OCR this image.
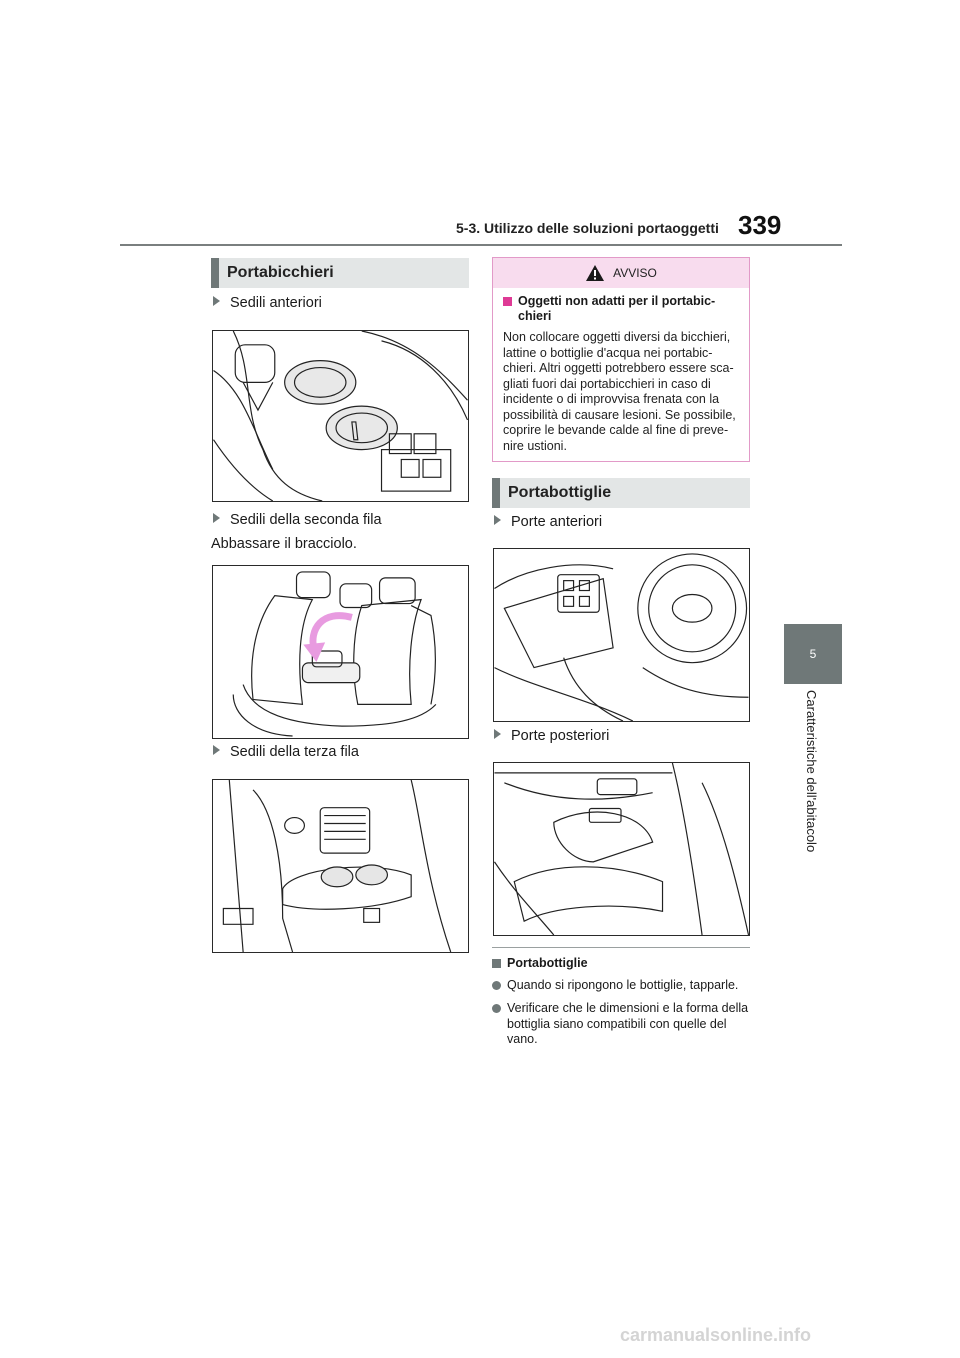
5-3. Utilizzo delle soluzioni portaoggetti 339
5
Caratteristiche dell'abitacolo
Portabicchieri
Sedili anteriori
Sedili della seconda fila
Abbassare il bracciolo.
Sedili della terza fila
AVVISO
Oggetti non adatti per il portabic-chieri
Non collocare oggetti diversi da bicchieri, lattine o bottiglie d'acqua nei portabic-chieri. Altri oggetti potrebbero essere sca-gliati fuori dai portabicchieri in caso di incidente o di improvvisa frenata con la possibilità di causare lesioni. Se possibile, coprire le bevande calde al fine di preve-nire ustioni.
Portabottiglie
Porte anteriori
Porte posteriori
Portabottiglie
Quando si ripongono le bottiglie, tapparle.
Verificare che le dimensioni e la forma della bottiglia siano compatibili con quelle del vano.
carmanualsonline.info
